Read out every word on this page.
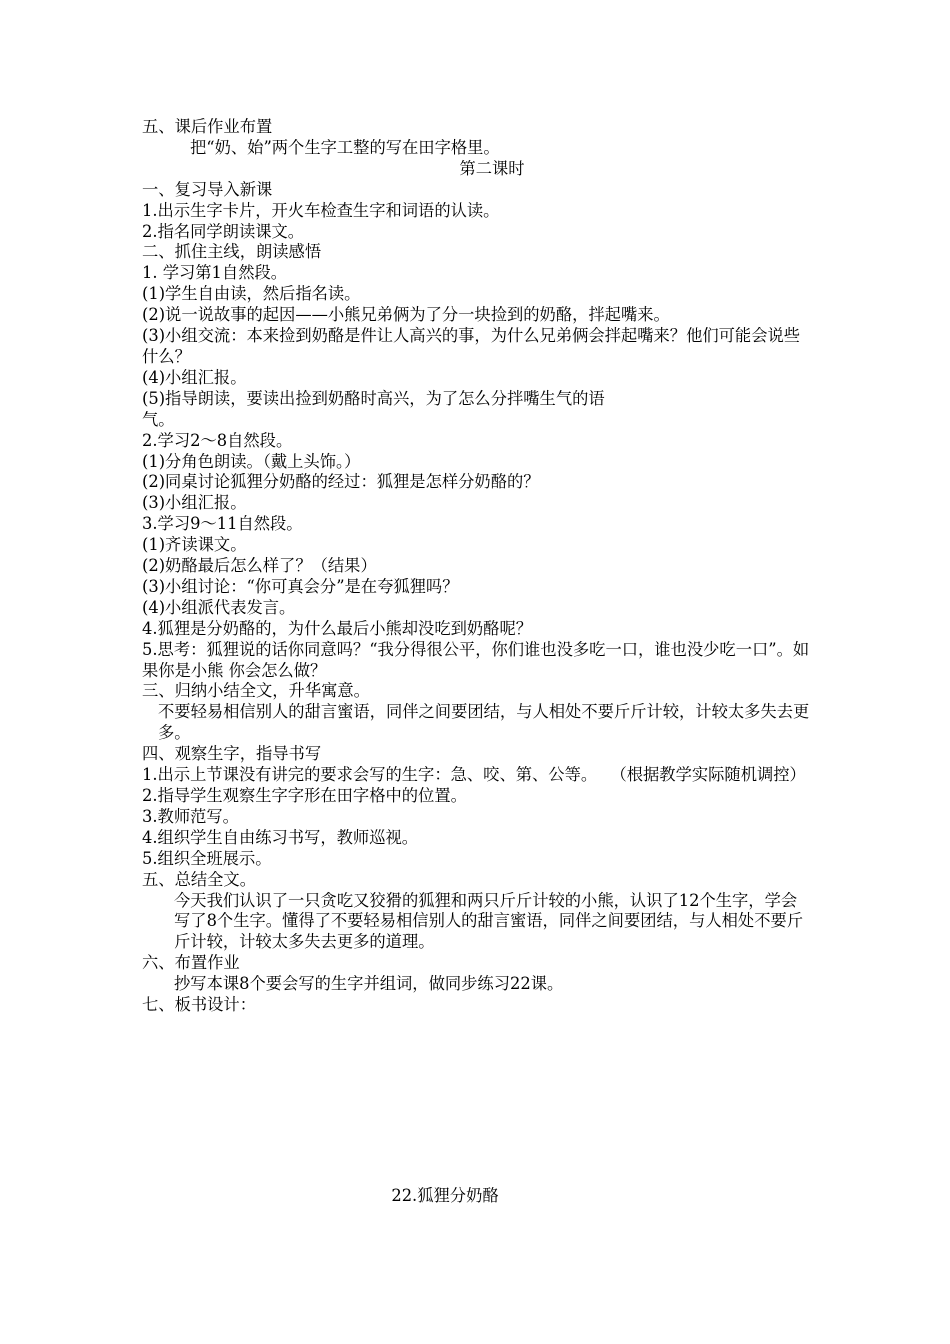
五、课后作业布置

把“奶、始”两个生字工整的写在田字格里。

第二课时

一、复习导入新课

1.出示生字卡片，开火车检查生字和词语的认读。

2.指名同学朗读课文。

二、抓住主线，朗读感悟

1. 学习第1自然段。

(1)学生自由读，然后指名读。

(2)说一说故事的起因——小熊兄弟俩为了分一块捡到的奶酪，拌起嘴来。

(3)小组交流：本来捡到奶酪是件让人高兴的事，为什么兄弟俩会拌起嘴来？他们可能会说些什么？

(4)小组汇报。

(5)指导朗读，要读出捡到奶酪时高兴，为了怎么分拌嘴生气的语

气。

2.学习2～8自然段。

(1)分角色朗读。（戴上头饰。）

(2)同桌讨论狐狸分奶酪的经过：狐狸是怎样分奶酪的？

(3)小组汇报。

3.学习9～11自然段。

(1)齐读课文。

(2)奶酪最后怎么样了？（结果）

(3)小组讨论：“你可真会分”是在夸狐狸吗？

(4)小组派代表发言。

4.狐狸是分奶酪的，为什么最后小熊却没吃到奶酪呢？

5.思考：狐狸说的话你同意吗？“我分得很公平，你们谁也没多吃一口，谁也没少吃一口”。如果你是小熊 你会怎么做？

三、归纳小结全文，升华寓意。

不要轻易相信别人的甜言蜜语，同伴之间要团结，与人相处不要斤斤计较，计较太多失去更多。

四、观察生字，指导书写

1.出示上节课没有讲完的要求会写的生字：急、咬、第、公等。　 （根据教学实际随机调控）

2.指导学生观察生字字形在田字格中的位置。

3.教师范写。

4.组织学生自由练习书写，教师巡视。

5.组织全班展示。

五、总结全文。

今天我们认识了一只贪吃又狡猾的狐狸和两只斤斤计较的小熊，认识了12个生字，学会写了8个生字。懂得了不要轻易相信别人的甜言蜜语，同伴之间要团结，与人相处不要斤斤计较，计较太多失去更多的道理。

六、布置作业

抄写本课8个要会写的生字并组词，做同步练习22课。

七、板书设计：

22.狐狸分奶酪
